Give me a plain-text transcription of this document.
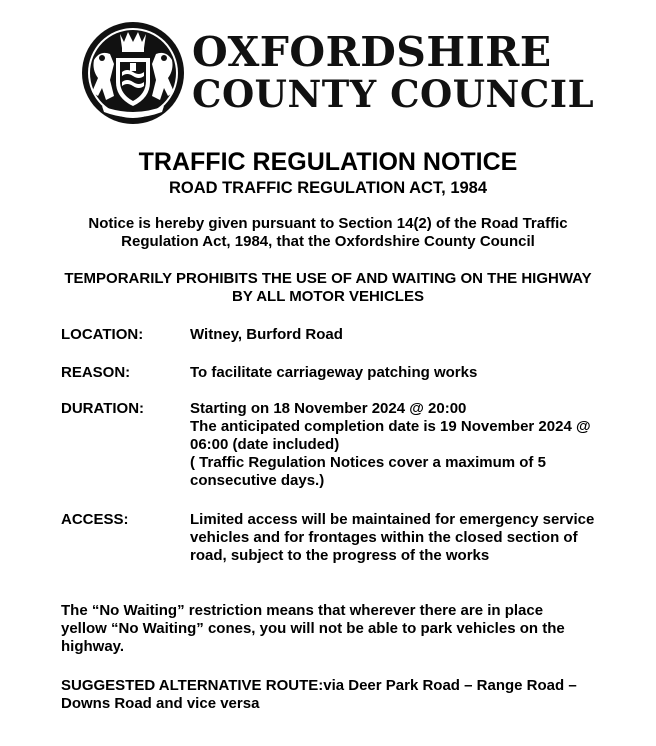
OXFORDSHIRE
COUNTY COUNCIL
TRAFFIC REGULATION NOTICE
ROAD TRAFFIC REGULATION ACT, 1984
Notice is hereby given pursuant to Section 14(2) of the Road Traffic
Regulation Act, 1984, that the Oxfordshire County Council
TEMPORARILY PROHIBITS THE USE OF AND WAITING ON THE HIGHWAY
BY ALL MOTOR VEHICLES
LOCATION:	Witney, Burford Road
REASON:	To facilitate carriageway patching works
DURATION:	Starting on 18 November 2024 @ 20:00
The anticipated completion date is 19 November 2024 @
06:00 (date included)
( Traffic Regulation Notices cover a maximum of 5
consecutive days.)
ACCESS:	Limited access will be maintained for emergency service
vehicles and for frontages within the closed section of
road, subject to the progress of the works
The “No Waiting” restriction means that wherever there are in place
yellow “No Waiting” cones, you will not be able to park vehicles on the
highway.
SUGGESTED ALTERNATIVE ROUTE:via Deer Park Road – Range Road –
Downs Road and vice versa
